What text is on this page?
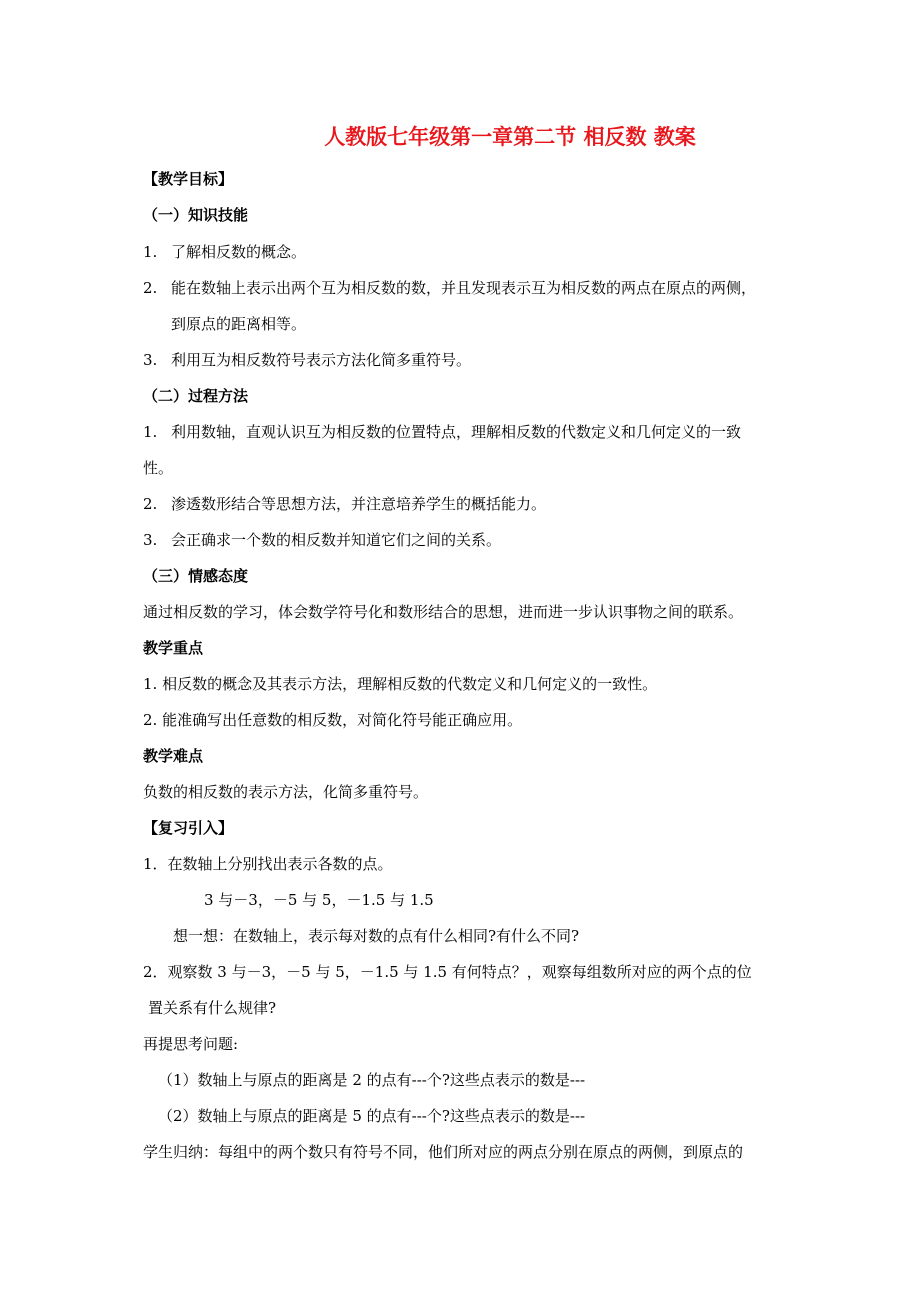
人教版七年级第一章第二节 相反数 教案
【教学目标】
（一）知识技能
1. 了解相反数的概念。
2. 能在数轴上表示出两个互为相反数的数，并且发现表示互为相反数的两点在原点的两侧，
到原点的距离相等。
3. 利用互为相反数符号表示方法化简多重符号。
（二）过程方法
1. 利用数轴，直观认识互为相反数的位置特点，理解相反数的代数定义和几何定义的一致
性。
2. 渗透数形结合等思想方法，并注意培养学生的概括能力。
3. 会正确求一个数的相反数并知道它们之间的关系。
（三）情感态度
通过相反数的学习，体会数学符号化和数形结合的思想，进而进一步认识事物之间的联系。
教学重点
1. 相反数的概念及其表示方法，理解相反数的代数定义和几何定义的一致性。
2. 能准确写出任意数的相反数，对简化符号能正确应用。
教学难点
负数的相反数的表示方法，化简多重符号。
【复习引入】
1．在数轴上分别找出表示各数的点。
3 与－3，－5 与 5，－1.5 与 1.5
想一想：在数轴上，表示每对数的点有什么相同?有什么不同?
2．观察数 3 与－3，－5 与 5，－1.5 与 1.5 有何特点？，观察每组数所对应的两个点的位
置关系有什么规律?
再提思考问题:
（1）数轴上与原点的距离是 2 的点有---个?这些点表示的数是---
（2）数轴上与原点的距离是 5 的点有---个?这些点表示的数是---
学生归纳：每组中的两个数只有符号不同，他们所对应的两点分别在原点的两侧，到原点的
